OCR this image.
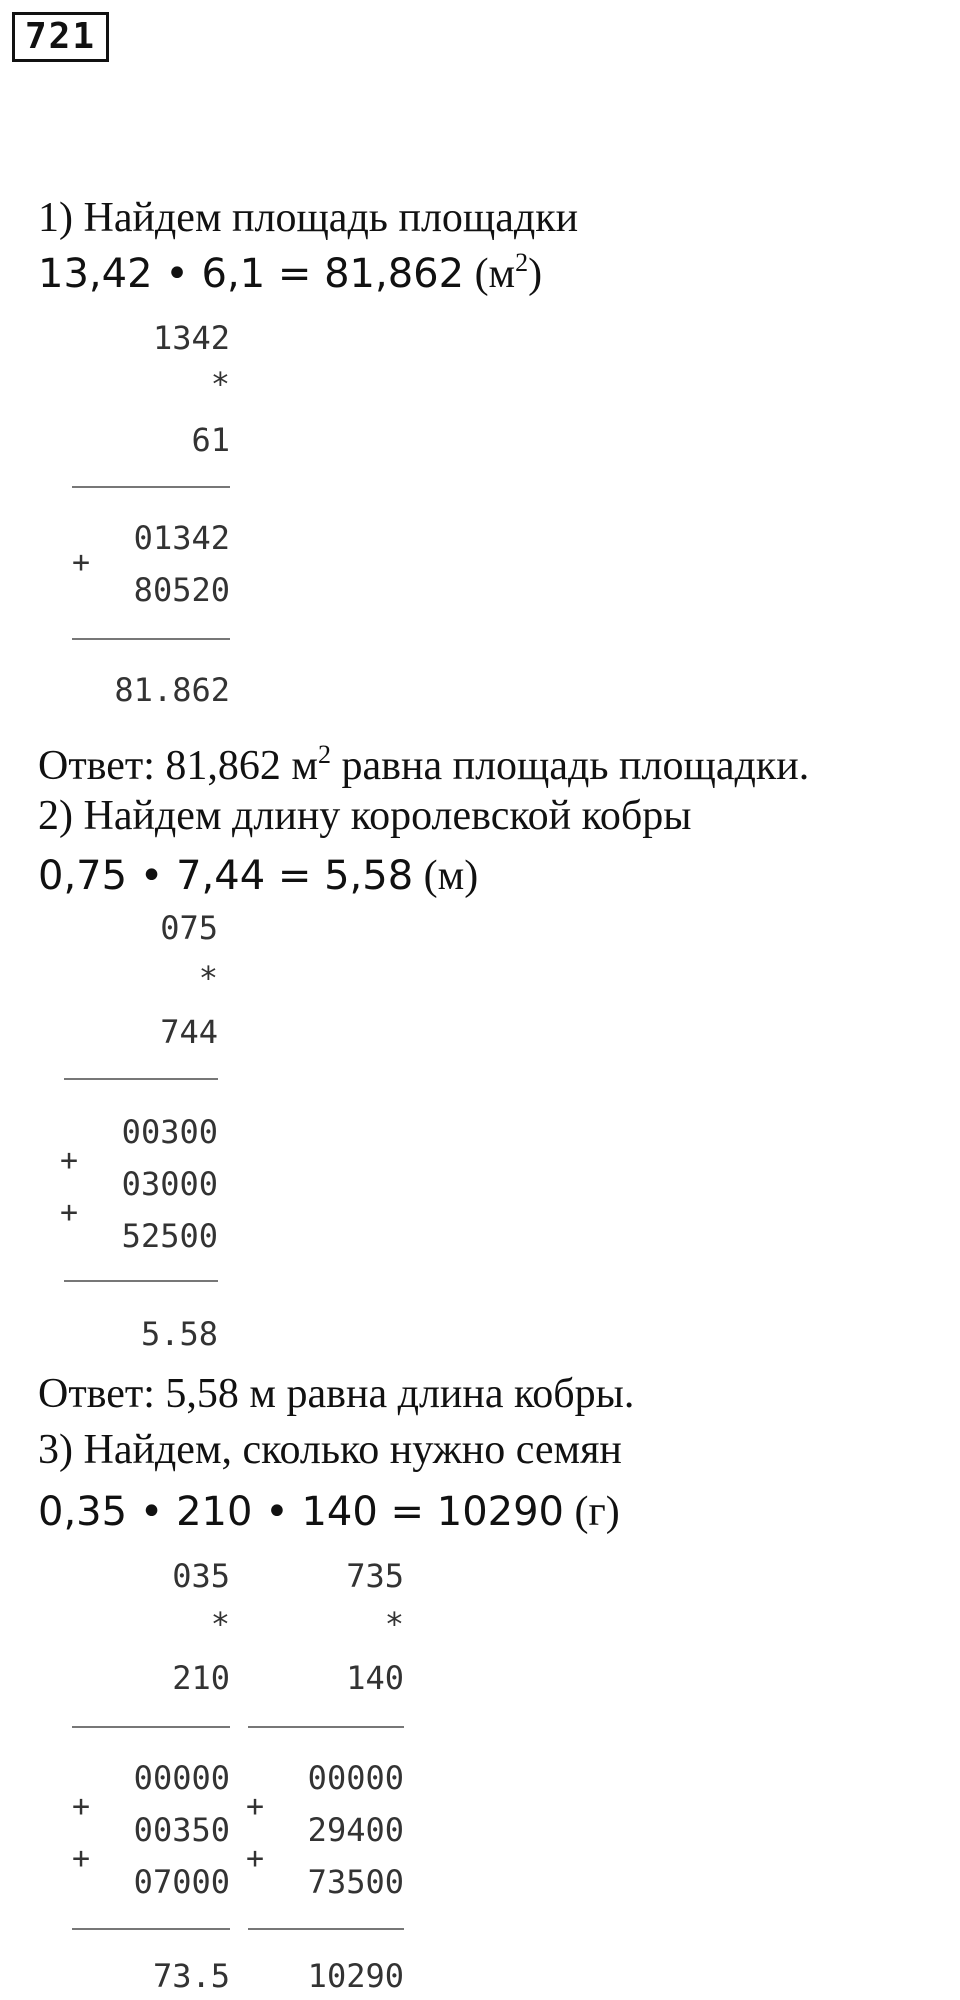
721
1) Найдем площадь площадки
13,42 • 6,1 = 81,862 $(м^2)$
1342
*
61
01342
+
80520
81.862
Ответ: 81,862 $м^2$ равна площадь площадки.
2) Найдем длину королевской кобры
0,75 • 7,44 = 5,58 (м)
075
*
744
00300
+
03000
+
52500
5.58
Ответ: 5,58 м равна длина кобры.
3) Найдем, сколько нужно семян
0,35 • 210 • 140 = 10290 (г)
035
*
210
00000
+
00350
+
07000
73.5
735
*
140
00000
+
29400
+
73500
10290
